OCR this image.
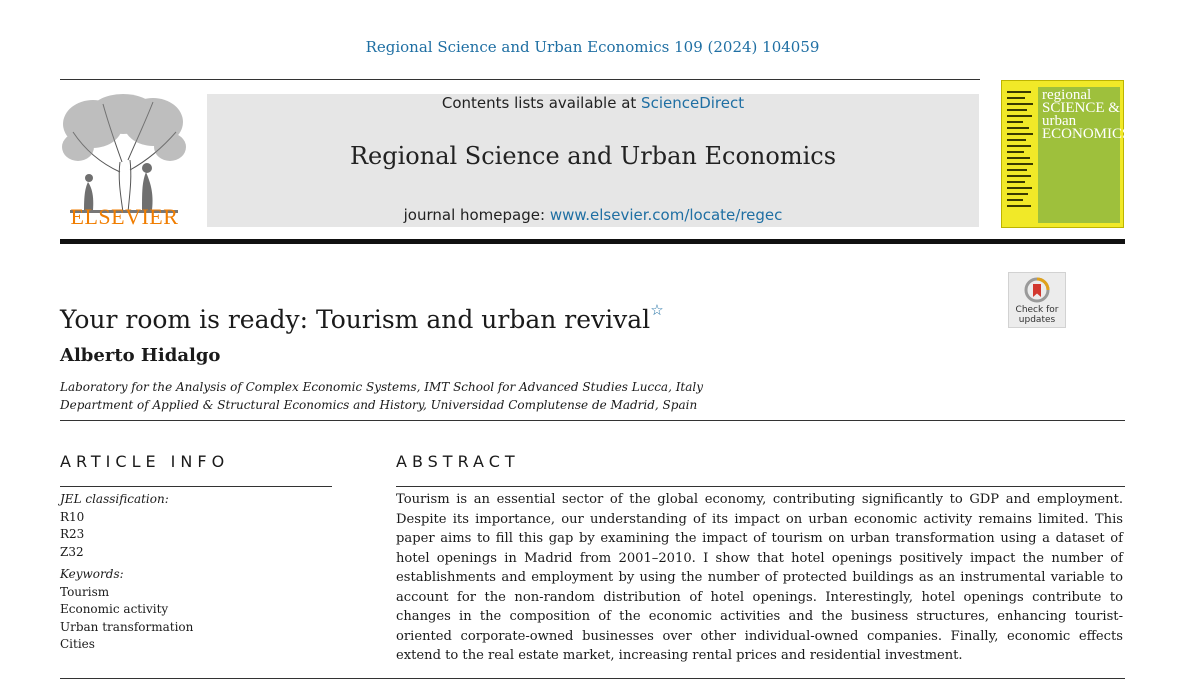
Regional Science and Urban Economics 109 (2024) 104059
ELSEVIER
Contents lists available at ScienceDirect
Regional Science and Urban Economics
journal homepage: www.elsevier.com/locate/regec
regional SCIENCE & urban ECONOMICS
Check for updates
Your room is ready: Tourism and urban revival☆
Alberto Hidalgo
Laboratory for the Analysis of Complex Economic Systems, IMT School for Advanced Studies Lucca, Italy
Department of Applied & Structural Economics and History, Universidad Complutense de Madrid, Spain
ARTICLE INFO	ABSTRACT
JEL classification:
R10
R23
Z32
Keywords:
Tourism
Economic activity
Urban transformation
Cities
Tourism is an essential sector of the global economy, contributing significantly to GDP and employment. Despite its importance, our understanding of its impact on urban economic activity remains limited. This paper aims to fill this gap by examining the impact of tourism on urban transformation using a dataset of hotel openings in Madrid from 2001–2010. I show that hotel openings positively impact the number of establishments and employment by using the number of protected buildings as an instrumental variable to account for the non-random distribution of hotel openings. Interestingly, hotel openings contribute to changes in the composition of the economic activities and the business structures, enhancing tourist-oriented corporate-owned businesses over other individual-owned companies. Finally, economic effects extend to the real estate market, increasing rental prices and residential investment.
